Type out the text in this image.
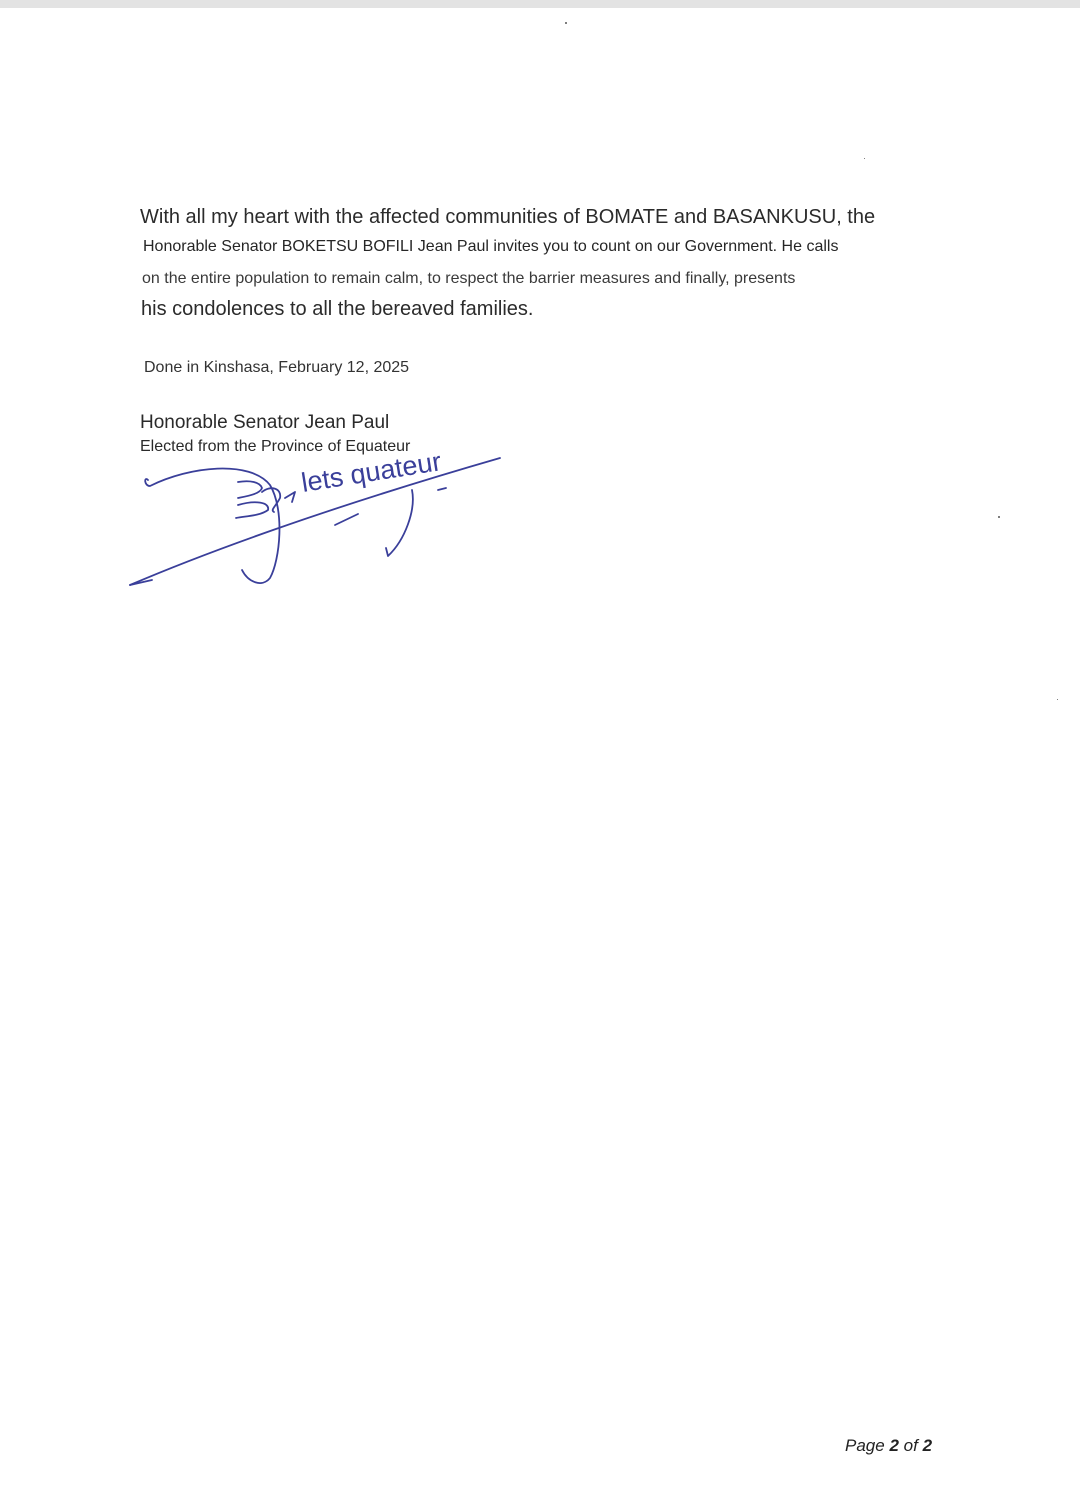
With all my heart with the affected communities of BOMATE and BASANKUSU, the
Honorable Senator BOKETSU BOFILI Jean Paul invites you to count on our Government. He calls
on the entire population to remain calm, to respect the barrier measures and finally, presents
his condolences to all the bereaved families.
Done in Kinshasa, February 12, 2025
Honorable Senator Jean Paul
Elected from the Province of Equateur
lets quateur
Page 2 of 2
